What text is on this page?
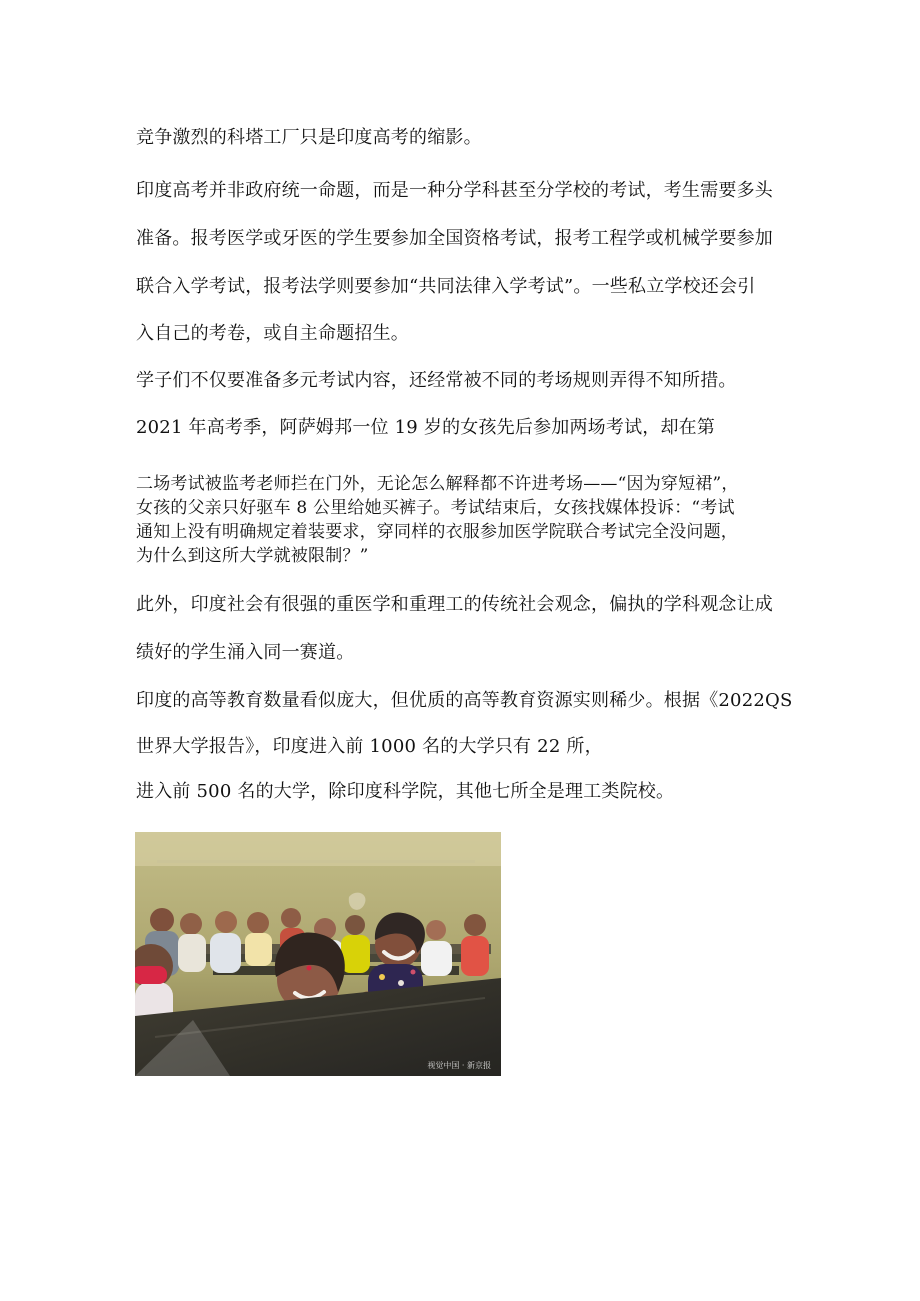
竞争激烈的科塔工厂只是印度高考的缩影。

印度高考并非政府统一命题，而是一种分学科甚至分学校的考试，考生需要多头

准备。报考医学或牙医的学生要参加全国资格考试，报考工程学或机械学要参加

联合入学考试，报考法学则要参加“共同法律入学考试”。一些私立学校还会引

入自己的考卷，或自主命题招生。

学子们不仅要准备多元考试内容，还经常被不同的考场规则弄得不知所措。

2021 年高考季，阿萨姆邦一位 19 岁的女孩先后参加两场考试，却在第

二场考试被监考老师拦在门外，无论怎么解释都不许进考场——“因为穿短裙”，

女孩的父亲只好驱车 8 公里给她买裤子。考试结束后，女孩找媒体投诉：“考试

通知上没有明确规定着装要求，穿同样的衣服参加医学院联合考试完全没问题，

为什么到这所大学就被限制？”

此外，印度社会有很强的重医学和重理工的传统社会观念，偏执的学科观念让成

绩好的学生涌入同一赛道。

印度的高等教育数量看似庞大，但优质的高等教育资源实则稀少。根据《2022QS

世界大学报告》，印度进入前 1000 名的大学只有 22 所，

进入前 500 名的大学，除印度科学院，其他七所全是理工类院校。

视觉中国 · 新京报
